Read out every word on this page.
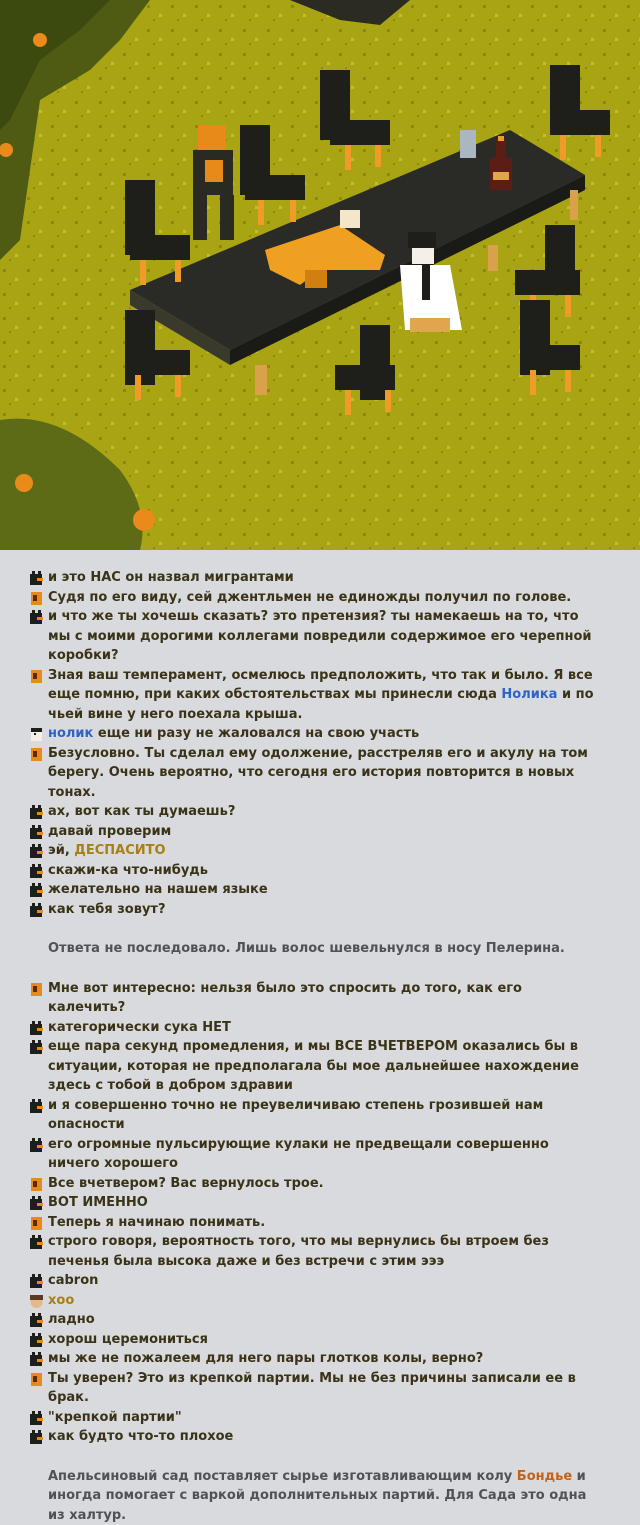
и это НАС он назвал мигрантами
Судя по его виду, сей джентльмен не единожды получил по голове.
и что же ты хочешь сказать? это претензия? ты намекаешь на то, что мы с моими дорогими коллегами повредили содержимое его черепной коробки?
Зная ваш темперамент, осмелюсь предположить, что так и было. Я все еще помню, при каких обстоятельствах мы принесли сюда Нолика и по чьей вине у него поехала крыша.
нолик еще ни разу не жаловался на свою участь
Безусловно. Ты сделал ему одолжение, расстреляв его и акулу на том берегу. Очень вероятно, что сегодня его история повторится в новых тонах.
ах, вот как ты думаешь?
давай проверим
эй, ДЕСПАСИТО
скажи-ка что-нибудь
желательно на нашем языке
как тебя зовут?
Ответа не последовало. Лишь волос шевельнулся в носу Пелерина.
Мне вот интересно: нельзя было это спросить до того, как его калечить?
категорически сука НЕТ
еще пара секунд промедления, и мы ВСЕ ВЧЕТВЕРОМ оказались бы в ситуации, которая не предполагала бы мое дальнейшее нахождение здесь с тобой в добром здравии
и я совершенно точно не преувеличиваю степень грозившей нам опасности
его огромные пульсирующие кулаки не предвещали совершенно ничего хорошего
Все вчетвером? Вас вернулось трое.
ВОТ ИМЕННО
Теперь я начинаю понимать.
строго говоря, вероятность того, что мы вернулись бы втроем без печенья была высока даже и без встречи с этим эээ
cabron
хоо
ладно
хорош церемониться
мы же не пожалеем для него пары глотков колы, верно?
Ты уверен? Это из крепкой партии. Мы не без причины записали ее в брак.
"крепкой партии"
как будто что-то плохое
Апельсиновый сад поставляет сырье изготавливающим колу Бондье и иногда помогает с варкой дополнительных партий. Для Сада это одна из халтур.
